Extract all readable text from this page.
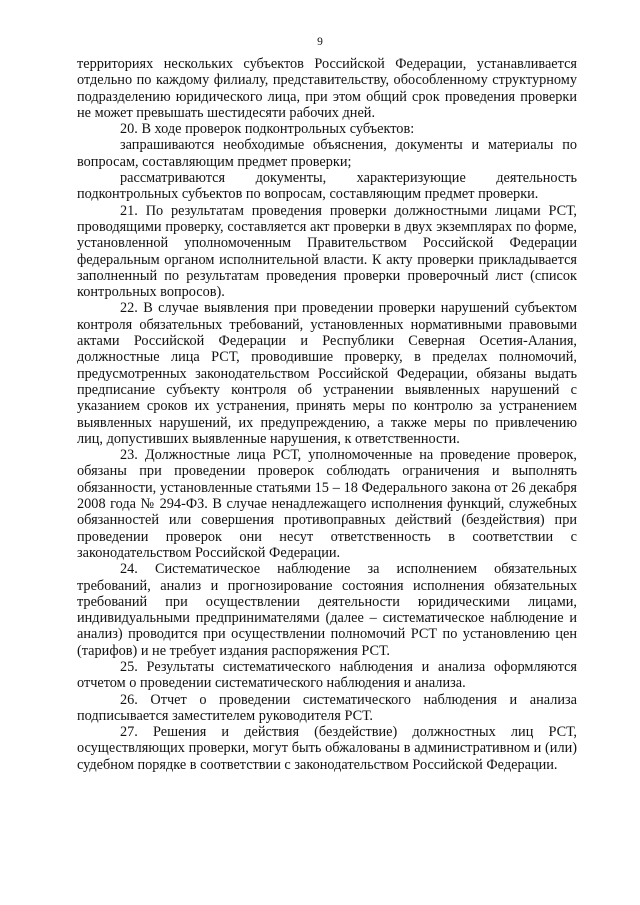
9

территориях нескольких субъектов Российской Федерации, устанавливается отдельно по каждому филиалу, представительству, обособленному структурному подразделению юридического лица, при этом общий срок проведения проверки не может превышать шестидесяти рабочих дней.

20. В ходе проверок подконтрольных субъектов:

запрашиваются необходимые объяснения, документы и материалы по вопросам, составляющим предмет проверки;

рассматриваются документы, характеризующие деятельность подконтрольных субъектов по вопросам, составляющим предмет проверки.

21. По результатам проведения проверки должностными лицами РСТ, проводящими проверку, составляется акт проверки в двух экземплярах по форме, установленной уполномоченным Правительством Российской Федерации федеральным органом исполнительной власти. К акту проверки прикладывается заполненный по результатам проведения проверки проверочный лист (список контрольных вопросов).

22. В случае выявления при проведении проверки нарушений субъектом контроля обязательных требований, установленных нормативными правовыми актами Российской Федерации и Республики Северная Осетия-Алания, должностные лица РСТ, проводившие проверку, в пределах полномочий, предусмотренных законодательством Российской Федерации, обязаны выдать предписание субъекту контроля об устранении выявленных нарушений с указанием сроков их устранения, принять меры по контролю за устранением выявленных нарушений, их предупреждению, а также меры по привлечению лиц, допустивших выявленные нарушения, к ответственности.

23. Должностные лица РСТ, уполномоченные на проведение проверок, обязаны при проведении проверок соблюдать ограничения и выполнять обязанности, установленные статьями 15 – 18 Федерального закона от 26 декабря 2008 года № 294-ФЗ. В случае ненадлежащего исполнения функций, служебных обязанностей или совершения противоправных действий (бездействия) при проведении проверок они несут ответственность в соответствии с законодательством Российской Федерации.

24. Систематическое наблюдение за исполнением обязательных требований, анализ и прогнозирование состояния исполнения обязательных требований при осуществлении деятельности юридическими лицами, индивидуальными предпринимателями (далее – систематическое наблюдение и анализ) проводится при осуществлении полномочий РСТ по установлению цен (тарифов) и не требует издания распоряжения РСТ.

25. Результаты систематического наблюдения и анализа оформляются отчетом о проведении систематического наблюдения и анализа.

26. Отчет о проведении систематического наблюдения и анализа подписывается заместителем руководителя РСТ.

27. Решения и действия (бездействие) должностных лиц РСТ, осуществляющих проверки, могут быть обжалованы в административном и (или) судебном порядке в соответствии с законодательством Российской Федерации.
